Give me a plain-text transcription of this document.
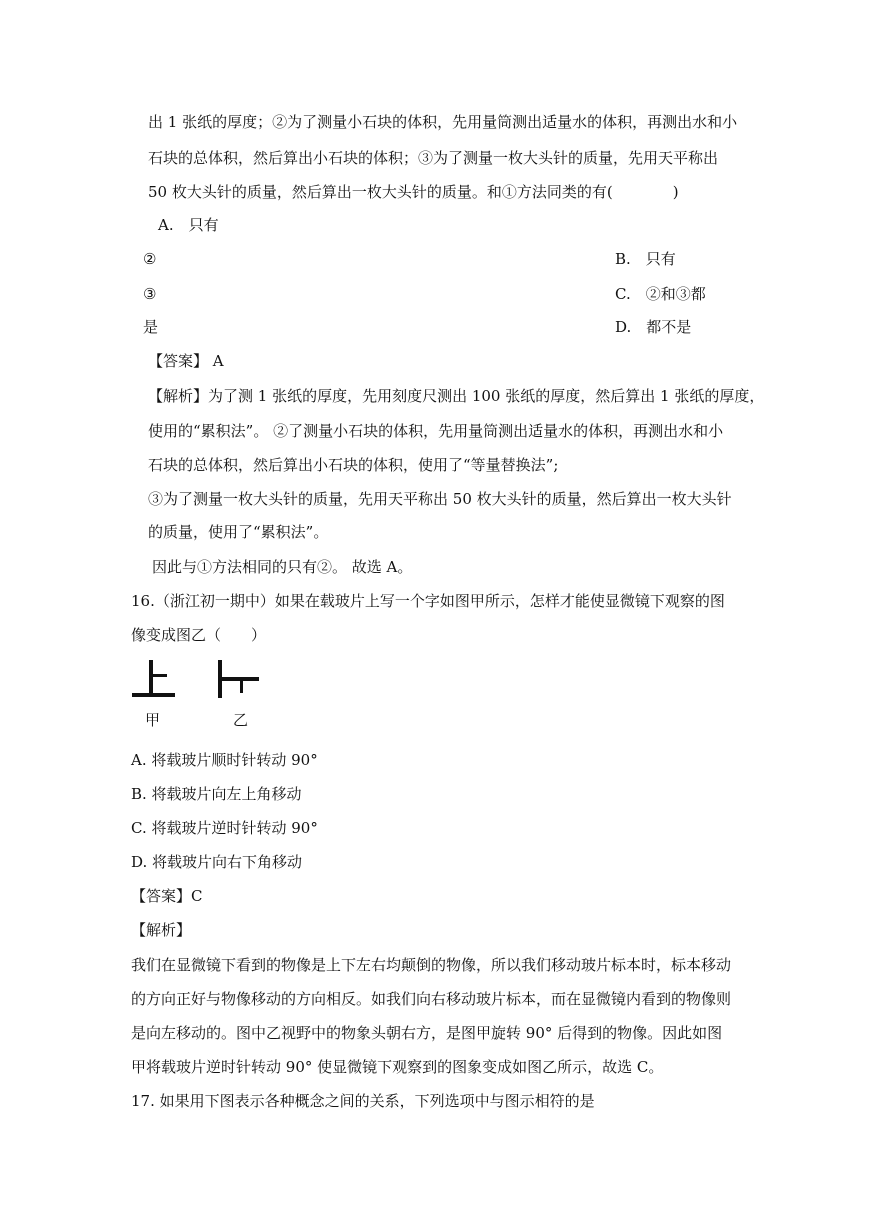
出 1 张纸的厚度；②为了测量小石块的体积，先用量筒测出适量水的体积，再测出水和小
石块的总体积，然后算出小石块的体积；③为了测量一枚大头针的质量，先用天平称出
50 枚大头针的质量，然后算出一枚大头针的质量。和①方法同类的有(　　　　)
A.　只有
②	B.　只有
③	C.　②和③都
是	D.　都不是
【答案】 A
【解析】为了测 1 张纸的厚度，先用刻度尺测出 100 张纸的厚度，然后算出 1 张纸的厚度，
使用的“累积法”。 ②了测量小石块的体积，先用量筒测出适量水的体积，再测出水和小
石块的总体积，然后算出小石块的体积，使用了“等量替换法”;
③为了测量一枚大头针的质量，先用天平称出 50 枚大头针的质量，然后算出一枚大头针
的质量，使用了“累积法”。
因此与①方法相同的只有②。 故选 A。
16.（浙江初一期中）如果在载玻片上写一个字如图甲所示，怎样才能使显微镜下观察的图
像变成图乙（　　）
甲	乙
A. 将载玻片顺时针转动 90°
B. 将载玻片向左上角移动
C. 将载玻片逆时针转动 90°
D. 将载玻片向右下角移动
【答案】C
【解析】
我们在显微镜下看到的物像是上下左右均颠倒的物像，所以我们移动玻片标本时，标本移动
的方向正好与物像移动的方向相反。如我们向右移动玻片标本，而在显微镜内看到的物像则
是向左移动的。图中乙视野中的物象头朝右方，是图甲旋转 90° 后得到的物像。因此如图
甲将载玻片逆时针转动 90° 使显微镜下观察到的图象变成如图乙所示，故选 C。
17. 如果用下图表示各种概念之间的关系，下列选项中与图示相符的是
